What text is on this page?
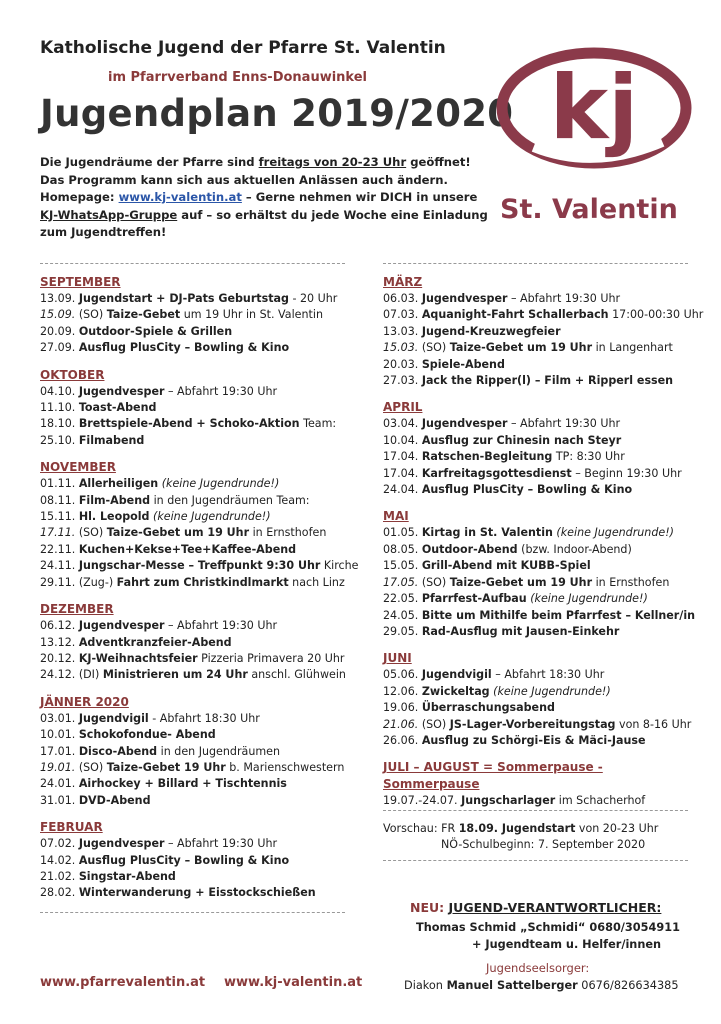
Katholische Jugend der Pfarre St. Valentin
im Pfarrverband Enns-Donauwinkel
Jugendplan 2019/2020
Die Jugendräume der Pfarre sind freitags von 20-23 Uhr geöffnet! Das Programm kann sich aus aktuellen Anlässen auch ändern. Homepage: www.kj-valentin.at – Gerne nehmen wir DICH in unsere KJ-WhatsApp-Gruppe auf – so erhältst du jede Woche eine Einladung zum Jugendtreffen!
kj
St. Valentin
SEPTEMBER
13.09. Jugendstart + DJ-Pats Geburtstag - 20 Uhr
15.09. (SO) Taize-Gebet um 19 Uhr in St. Valentin
20.09. Outdoor-Spiele & Grillen
27.09. Ausflug PlusCity – Bowling & Kino
OKTOBER
04.10. Jugendvesper – Abfahrt 19:30 Uhr
11.10. Toast-Abend
18.10. Brettspiele-Abend + Schoko-Aktion Team:
25.10. Filmabend
NOVEMBER
01.11. Allerheiligen (keine Jugendrunde!)
08.11. Film-Abend in den Jugendräumen Team:
15.11. Hl. Leopold (keine Jugendrunde!)
17.11. (SO) Taize-Gebet um 19 Uhr in Ernsthofen
22.11. Kuchen+Kekse+Tee+Kaffee-Abend
24.11. Jungschar-Messe – Treffpunkt 9:30 Uhr Kirche
29.11. (Zug-) Fahrt zum Christkindlmarkt nach Linz
DEZEMBER
06.12. Jugendvesper – Abfahrt 19:30 Uhr
13.12. Adventkranzfeier-Abend
20.12. KJ-Weihnachtsfeier Pizzeria Primavera 20 Uhr
24.12. (DI) Ministrieren um 24 Uhr anschl. Glühwein
JÄNNER 2020
03.01. Jugendvigil - Abfahrt 18:30 Uhr
10.01. Schokofondue- Abend
17.01. Disco-Abend in den Jugendräumen
19.01. (SO) Taize-Gebet 19 Uhr b. Marienschwestern
24.01. Airhockey + Billard + Tischtennis
31.01. DVD-Abend
FEBRUAR
07.02. Jugendvesper – Abfahrt 19:30 Uhr
14.02. Ausflug PlusCity – Bowling & Kino
21.02. Singstar-Abend
28.02. Winterwanderung + Eisstockschießen
MÄRZ
06.03. Jugendvesper – Abfahrt 19:30 Uhr
07.03. Aquanight-Fahrt Schallerbach 17:00-00:30 Uhr
13.03. Jugend-Kreuzwegfeier
15.03. (SO) Taize-Gebet um 19 Uhr in Langenhart
20.03. Spiele-Abend
27.03. Jack the Ripper(l) – Film + Ripperl essen
APRIL
03.04. Jugendvesper – Abfahrt 19:30 Uhr
10.04. Ausflug zur Chinesin nach Steyr
17.04. Ratschen-Begleitung TP: 8:30 Uhr
17.04. Karfreitagsgottesdienst – Beginn 19:30 Uhr
24.04. Ausflug PlusCity – Bowling & Kino
MAI
01.05. Kirtag in St. Valentin (keine Jugendrunde!)
08.05. Outdoor-Abend (bzw. Indoor-Abend)
15.05. Grill-Abend mit KUBB-Spiel
17.05. (SO) Taize-Gebet um 19 Uhr in Ernsthofen
22.05. Pfarrfest-Aufbau (keine Jugendrunde!)
24.05. Bitte um Mithilfe beim Pfarrfest – Kellner/in
29.05. Rad-Ausflug mit Jausen-Einkehr
JUNI
05.06. Jugendvigil – Abfahrt 18:30 Uhr
12.06. Zwickeltag (keine Jugendrunde!)
19.06. Überraschungsabend
21.06. (SO) JS-Lager-Vorbereitungstag von 8-16 Uhr
26.06. Ausflug zu Schörgi-Eis & Mäci-Jause
JULI – AUGUST = Sommerpause - Sommerpause
19.07.-24.07. Jungscharlager im Schacherhof
Vorschau: FR 18.09. Jugendstart von 20-23 Uhr
NÖ-Schulbeginn: 7. September 2020
NEU: JUGEND-VERANTWORTLICHER:
Thomas Schmid „Schmidi“ 0680/3054911
+ Jugendteam u. Helfer/innen
Jugendseelsorger:
Diakon Manuel Sattelberger 0676/826634385
www.pfarrevalentin.at www.kj-valentin.at
